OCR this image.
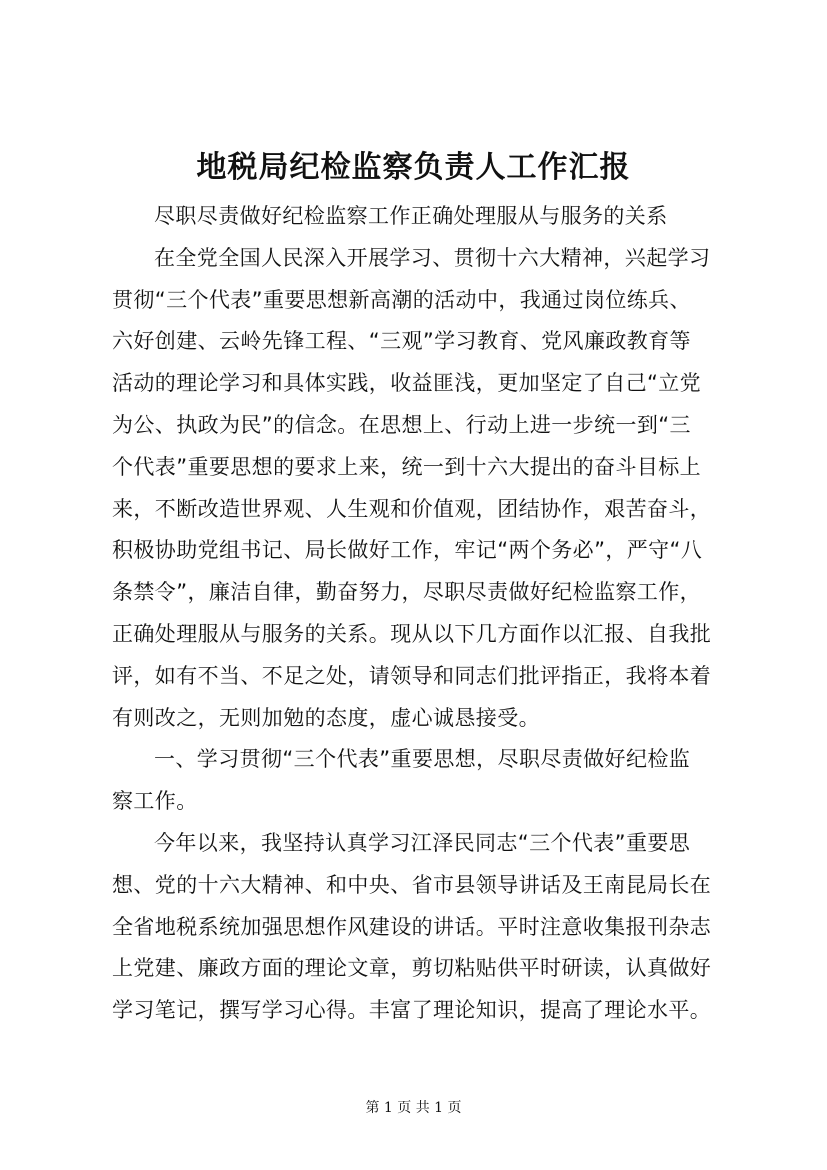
地税局纪检监察负责人工作汇报
尽职尽责做好纪检监察工作正确处理服从与服务的关系
在全党全国人民深入开展学习、贯彻十六大精神，兴起学习
贯彻“三个代表”重要思想新高潮的活动中，我通过岗位练兵、
六好创建、云岭先锋工程、“三观”学习教育、党风廉政教育等
活动的理论学习和具体实践，收益匪浅，更加坚定了自己“立党
为公、执政为民”的信念。在思想上、行动上进一步统一到“三
个代表”重要思想的要求上来，统一到十六大提出的奋斗目标上
来，不断改造世界观、人生观和价值观，团结协作，艰苦奋斗，
积极协助党组书记、局长做好工作，牢记“两个务必”，严守“八
条禁令”，廉洁自律，勤奋努力，尽职尽责做好纪检监察工作，
正确处理服从与服务的关系。现从以下几方面作以汇报、自我批
评，如有不当、不足之处，请领导和同志们批评指正，我将本着
有则改之，无则加勉的态度，虚心诚恳接受。
一、学习贯彻“三个代表”重要思想，尽职尽责做好纪检监
察工作。
今年以来，我坚持认真学习江泽民同志“三个代表”重要思
想、党的十六大精神、和中央、省市县领导讲话及王南昆局长在
全省地税系统加强思想作风建设的讲话。平时注意收集报刊杂志
上党建、廉政方面的理论文章，剪切粘贴供平时研读，认真做好
学习笔记，撰写学习心得。丰富了理论知识，提高了理论水平。
第 1 页 共 1 页
